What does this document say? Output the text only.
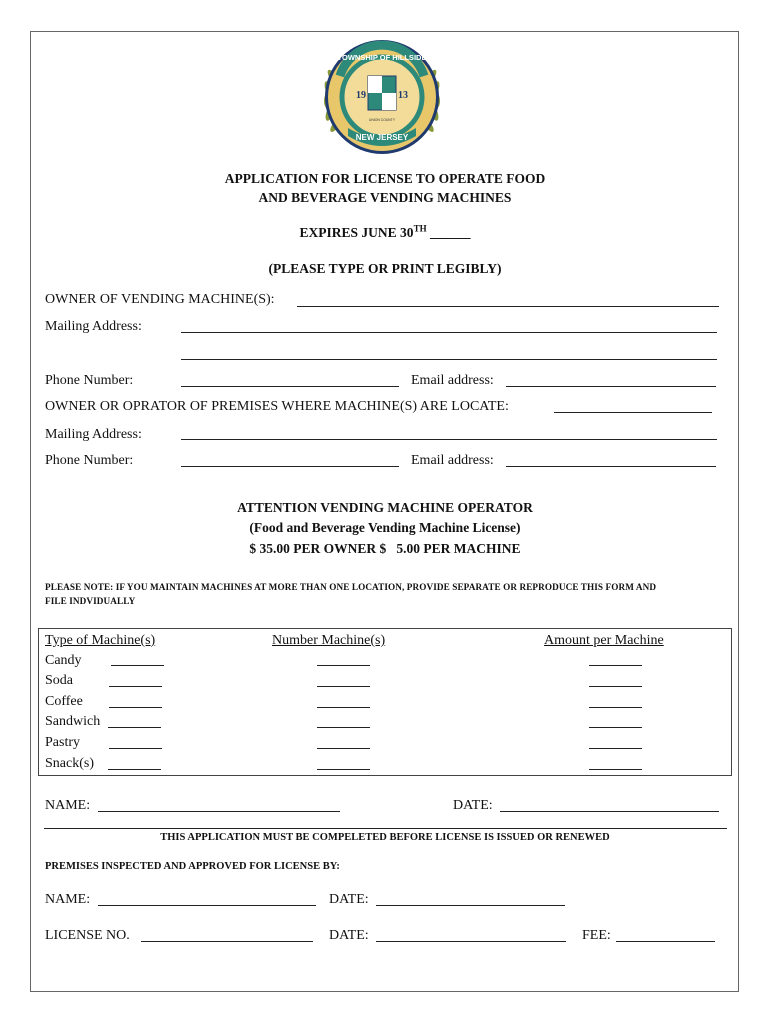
TOWNSHIP OF HILLSIDE
19	13
UNION COUNTY
NEW JERSEY
APPLICATION FOR LICENSE TO OPERATE FOOD
AND BEVERAGE VENDING MACHINES
EXPIRES JUNE 30TH ______
(PLEASE TYPE OR PRINT LEGIBLY)
OWNER OF VENDING MACHINE(S):
Mailing Address:
Phone Number:	Email address:
OWNER OR OPRATOR OF PREMISES WHERE MACHINE(S) ARE LOCATE:
Mailing Address:
Phone Number:	Email address:
ATTENTION VENDING MACHINE OPERATOR
(Food and Beverage Vending Machine License)
$ 35.00 PER OWNER $   5.00 PER MACHINE
PLEASE NOTE: IF YOU MAINTAIN MACHINES AT MORE THAN ONE LOCATION, PROVIDE SEPARATE OR REPRODUCE THIS FORM AND
FILE INDVIDUALLY
Type of Machine(s)	Number Machine(s)	Amount per Machine
Candy
Soda
Coffee
Sandwich
Pastry
Snack(s)
NAME:	DATE:
THIS APPLICATION MUST BE COMPELETED BEFORE LICENSE IS ISSUED OR RENEWED
PREMISES INSPECTED AND APPROVED FOR LICENSE BY:
NAME:	DATE:
LICENSE NO.	DATE:	FEE:
